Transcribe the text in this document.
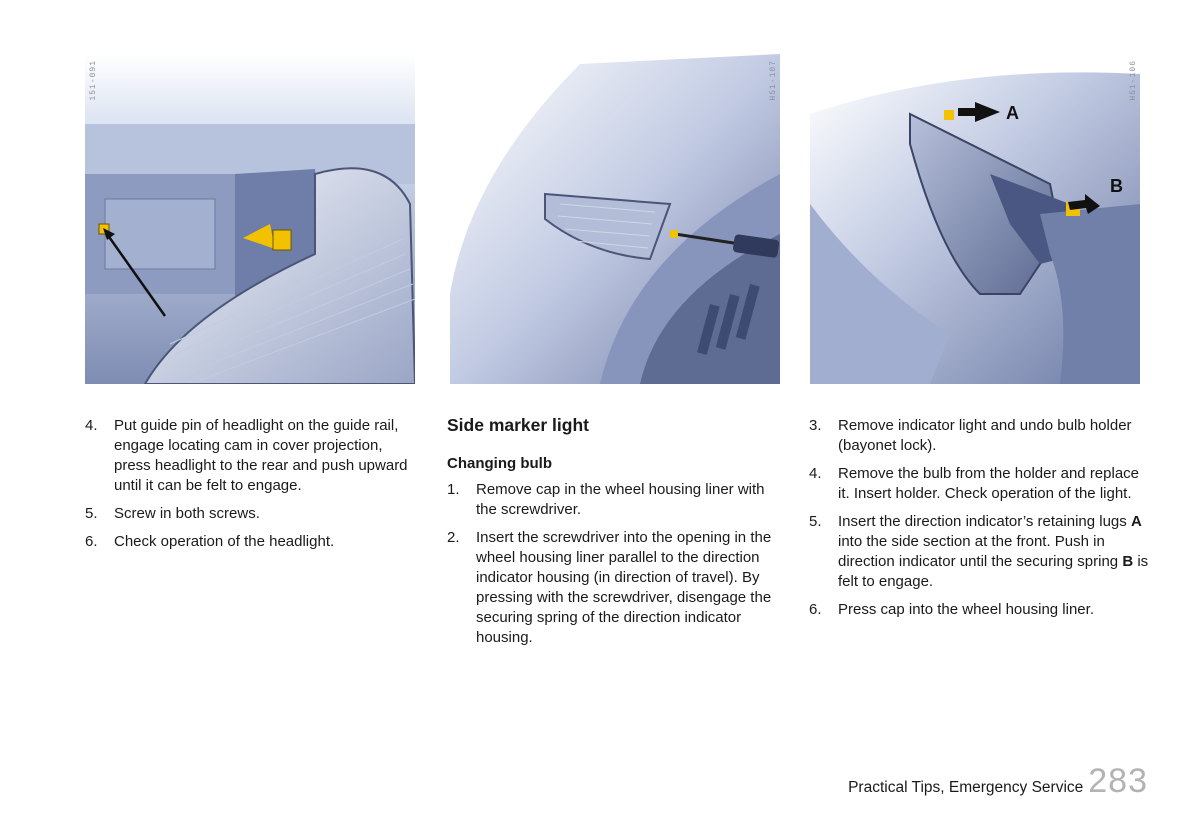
151-091	H51-107
A
B
H51-106
4. Put guide pin of headlight on the guide rail, engage locating cam in cover projection, press headlight to the rear and push upward until it can be felt to engage.
5. Screw in both screws.
6. Check operation of the headlight.
Side marker light
Changing bulb
1. Remove cap in the wheel housing liner with the screwdriver.
2. Insert the screwdriver into the opening in the wheel housing liner parallel to the direction indicator housing (in direction of travel). By pressing with the screwdriver, disengage the securing spring of the direction indicator housing.
3. Remove indicator light and undo bulb holder (bayonet lock).
4. Remove the bulb from the holder and replace it. Insert holder. Check operation of the light.
5. Insert the direction indicator’s retaining lugs A into the side section at the front. Push in direction indicator until the securing spring B is felt to engage.
6. Press cap into the wheel housing liner.
Practical Tips, Emergency Service 283
